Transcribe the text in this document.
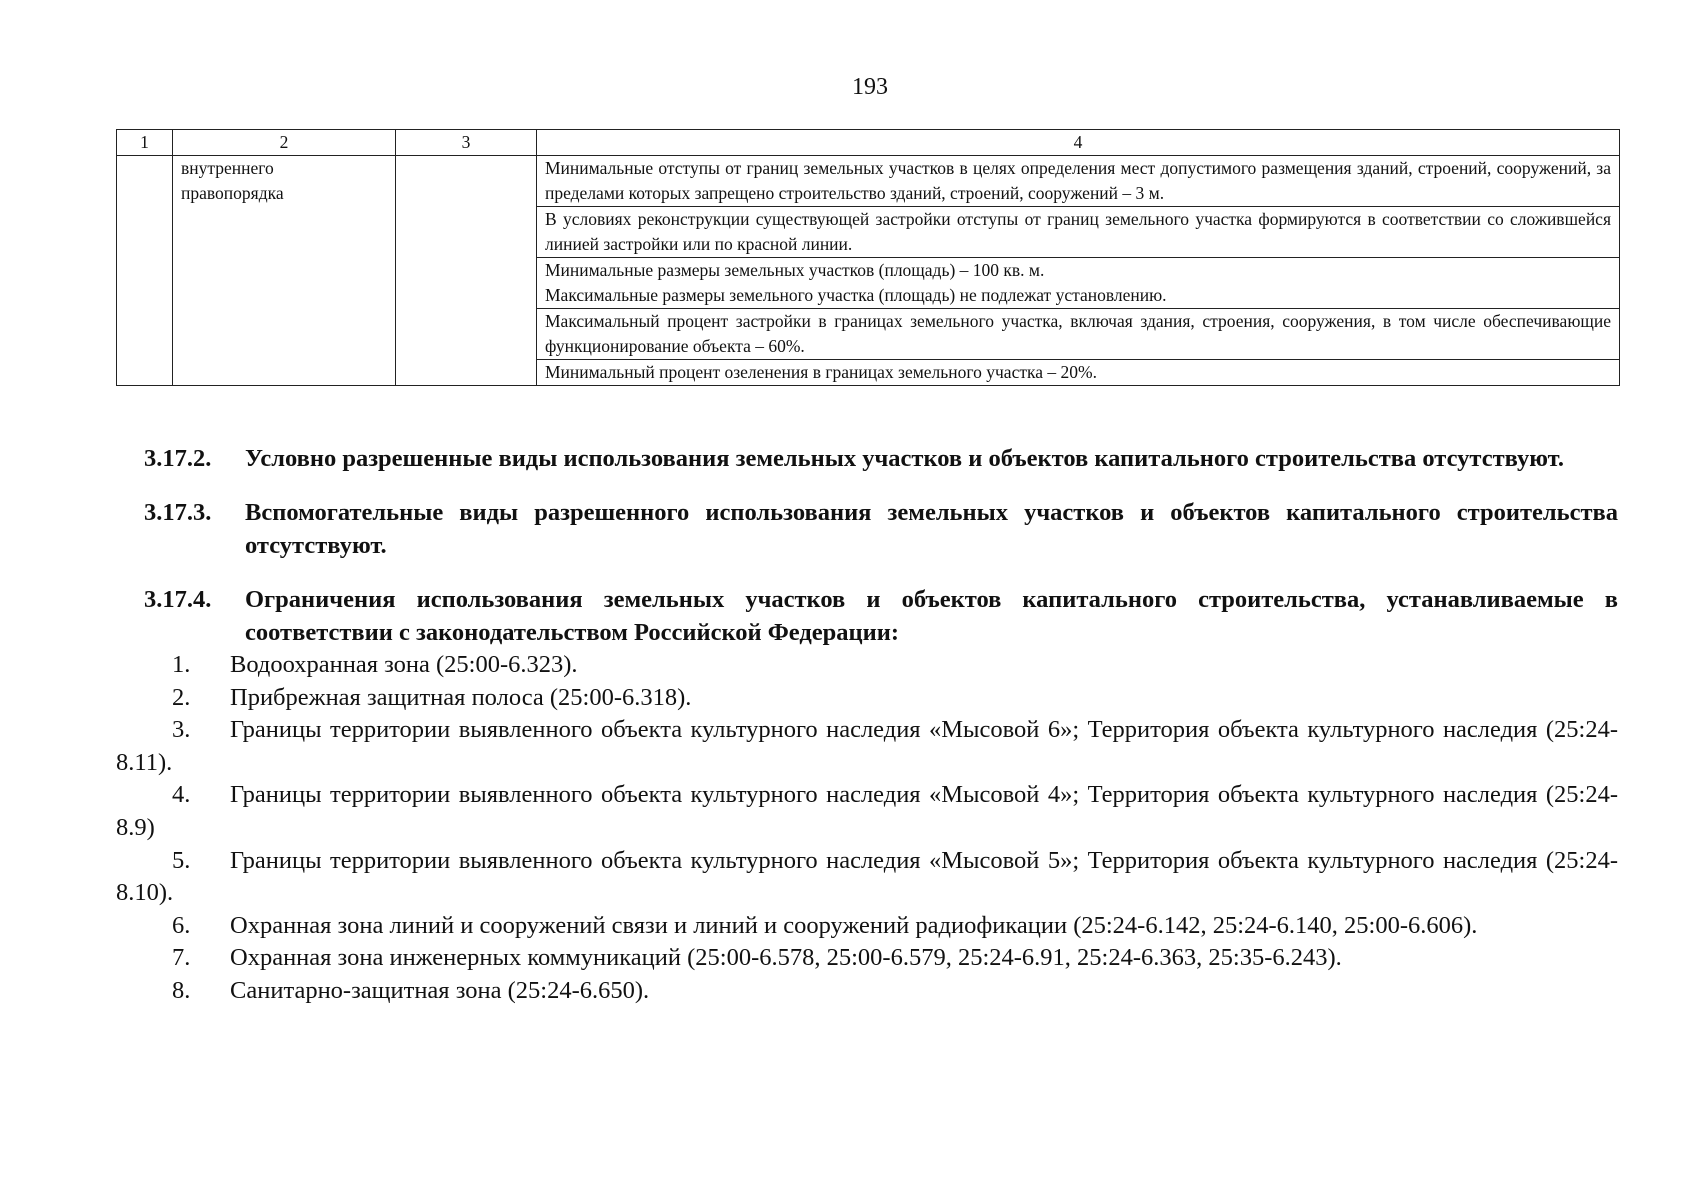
193
1	2	3	4
	внутреннего
правопорядка		Минимальные отступы от границ земельных участков в целях определения мест допустимого размещения зданий, строений, сооружений, за пределами которых запрещено строительство зданий, строений, сооружений – 3 м.
			В условиях реконструкции существующей застройки отступы от границ земельного участка формируются в соответствии со сложившейся линией застройки или по красной линии.
			Минимальные размеры земельных участков (площадь) – 100 кв. м.
Максимальные размеры земельного участка (площадь) не подлежат установлению.
			Максимальный процент застройки в границах земельного участка, включая здания, строения, сооружения, в том числе обеспечивающие функционирование объекта – 60%.
			Минимальный процент озеленения в границах земельного участка – 20%.
3.17.2. Условно разрешенные виды использования земельных участков и объектов капитального строительства отсутствуют.
3.17.3. Вспомогательные виды разрешенного использования земельных участков и объектов капитального строительства отсутствуют.
3.17.4. Ограничения использования земельных участков и объектов капитального строительства, устанавливаемые в соответствии с законодательством Российской Федерации:
1. Водоохранная зона (25:00-6.323).
2. Прибрежная защитная полоса (25:00-6.318).
3. Границы территории выявленного объекта культурного наследия «Мысовой 6»; Территория объекта культурного наследия (25:24-8.11).
4. Границы территории выявленного объекта культурного наследия «Мысовой 4»; Территория объекта культурного наследия (25:24-8.9)
5. Границы территории выявленного объекта культурного наследия «Мысовой 5»; Территория объекта культурного наследия (25:24-8.10).
6. Охранная зона линий и сооружений связи и линий и сооружений радиофикации (25:24-6.142, 25:24-6.140, 25:00-6.606).
7. Охранная зона инженерных коммуникаций (25:00-6.578, 25:00-6.579, 25:24-6.91, 25:24-6.363, 25:35-6.243).
8. Санитарно-защитная зона (25:24-6.650).
